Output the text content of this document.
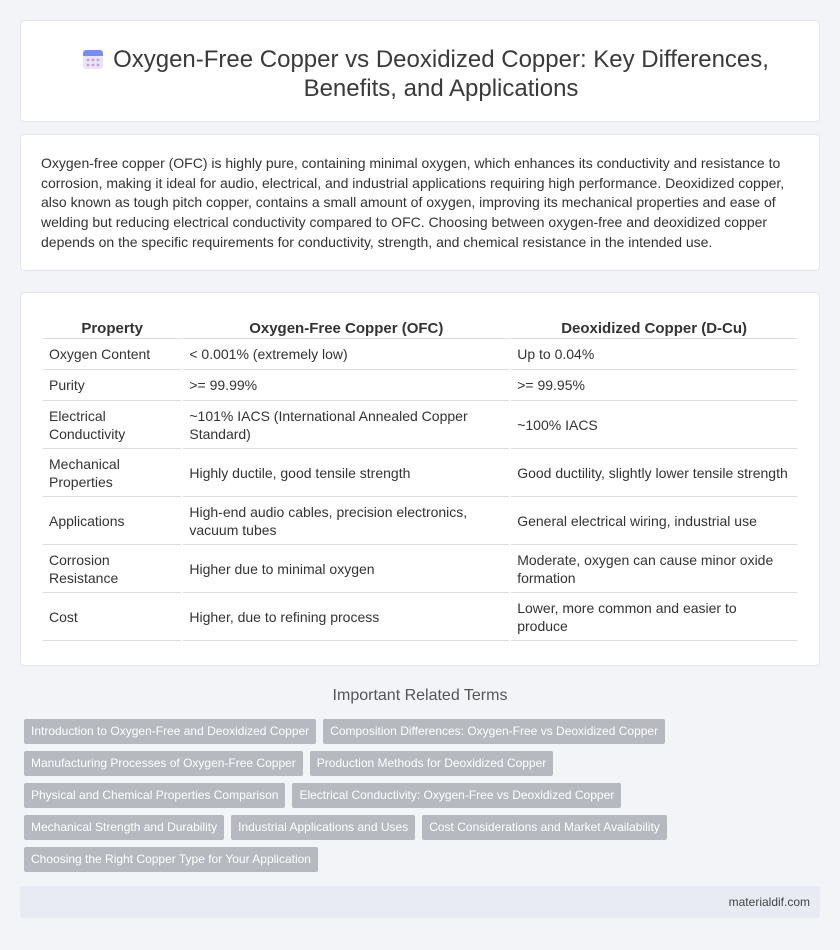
Oxygen-Free Copper vs Deoxidized Copper: Key Differences, Benefits, and Applications

Oxygen-free copper (OFC) is highly pure, containing minimal oxygen, which enhances its conductivity and resistance to corrosion, making it ideal for audio, electrical, and industrial applications requiring high performance. Deoxidized copper, also known as tough pitch copper, contains a small amount of oxygen, improving its mechanical properties and ease of welding but reducing electrical conductivity compared to OFC. Choosing between oxygen-free and deoxidized copper depends on the specific requirements for conductivity, strength, and chemical resistance in the intended use.

Property	Oxygen-Free Copper (OFC)	Deoxidized Copper (D-Cu)
Oxygen Content	< 0.001% (extremely low)	Up to 0.04%
Purity	>= 99.99%	>= 99.95%
Electrical Conductivity	~101% IACS (International Annealed Copper Standard)	~100% IACS
Mechanical Properties	Highly ductile, good tensile strength	Good ductility, slightly lower tensile strength
Applications	High-end audio cables, precision electronics, vacuum tubes	General electrical wiring, industrial use
Corrosion Resistance	Higher due to minimal oxygen	Moderate, oxygen can cause minor oxide formation
Cost	Higher, due to refining process	Lower, more common and easier to produce
Important Related Terms
Introduction to Oxygen-Free and Deoxidized Copper	Composition Differences: Oxygen-Free vs Deoxidized Copper
Manufacturing Processes of Oxygen-Free Copper	Production Methods for Deoxidized Copper
Physical and Chemical Properties Comparison	Electrical Conductivity: Oxygen-Free vs Deoxidized Copper
Mechanical Strength and Durability	Industrial Applications and Uses	Cost Considerations and Market Availability
Choosing the Right Copper Type for Your Application
materialdif.com
